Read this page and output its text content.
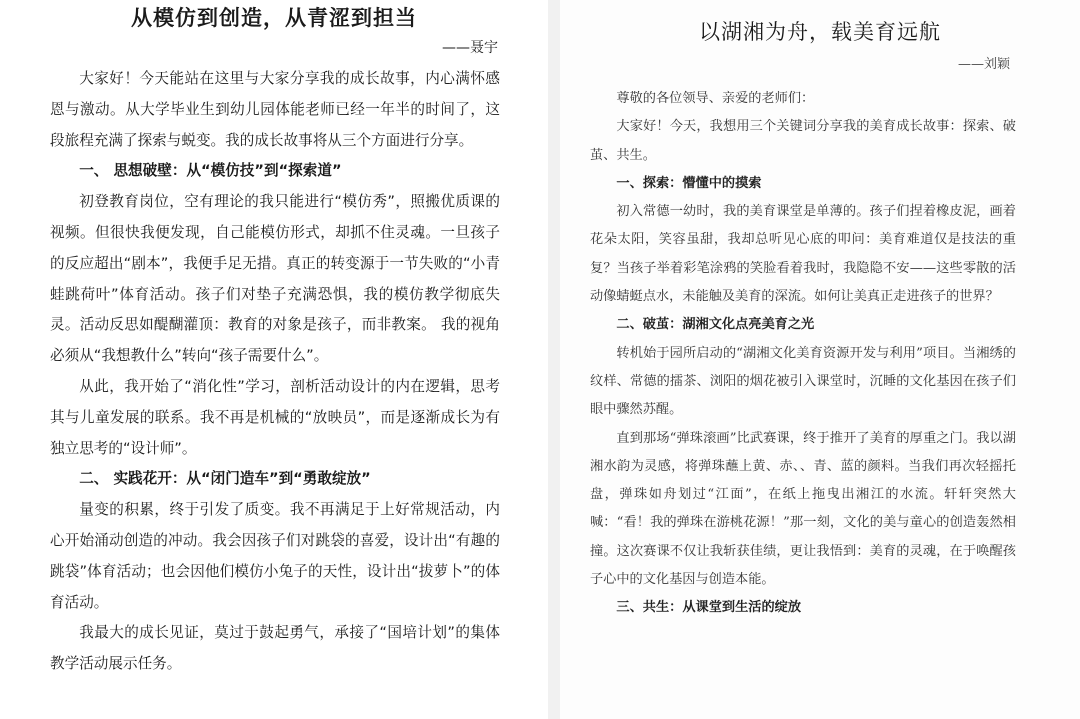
从模仿到创造，从青涩到担当
——聂宇

大家好！今天能站在这里与大家分享我的成长故事，内心满怀感恩与激动。从大学毕业生到幼儿园体能老师已经一年半的时间了，这段旅程充满了探索与蜕变。我的成长故事将从三个方面进行分享。

一、 思想破壁：从“模仿技”到“探索道”

初登教育岗位，空有理论的我只能进行“模仿秀”，照搬优质课的视频。但很快我便发现，自己能模仿形式，却抓不住灵魂。一旦孩子的反应超出“剧本”，我便手足无措。真正的转变源于一节失败的“小青蛙跳荷叶”体育活动。孩子们对垫子充满恐惧，我的模仿教学彻底失灵。活动反思如醍醐灌顶：教育的对象是孩子，而非教案。 我的视角必须从“我想教什么”转向“孩子需要什么”。

从此，我开始了“消化性”学习，剖析活动设计的内在逻辑，思考其与儿童发展的联系。我不再是机械的“放映员”，而是逐渐成长为有独立思考的“设计师”。

二、 实践花开：从“闭门造车”到“勇敢绽放”

量变的积累，终于引发了质变。我不再满足于上好常规活动，内心开始涌动创造的冲动。我会因孩子们对跳袋的喜爱，设计出“有趣的跳袋”体育活动；也会因他们模仿小兔子的天性，设计出“拔萝卜”的体育活动。

我最大的成长见证，莫过于鼓起勇气，承接了“国培计划”的集体教学活动展示任务。

以湖湘为舟，载美育远航
——刘颖

尊敬的各位领导、亲爱的老师们：

大家好！今天，我想用三个关键词分享我的美育成长故事：探索、破茧、共生。

一、探索：懵懂中的摸索

初入常德一幼时，我的美育课堂是单薄的。孩子们捏着橡皮泥，画着花朵太阳，笑容虽甜，我却总听见心底的叩问：美育难道仅是技法的重复？当孩子举着彩笔涂鸦的笑脸看着我时，我隐隐不安——这些零散的活动像蜻蜓点水，未能触及美育的深流。如何让美真正走进孩子的世界？

二、破茧：湖湘文化点亮美育之光

转机始于园所启动的“湖湘文化美育资源开发与利用”项目。当湘绣的纹样、常德的擂茶、浏阳的烟花被引入课堂时，沉睡的文化基因在孩子们眼中骤然苏醒。

直到那场“弹珠滚画”比武赛课，终于推开了美育的厚重之门。我以湖湘水韵为灵感，将弹珠蘸上黄、赤、、青、蓝的颜料。当我们再次轻摇托盘，弹珠如舟划过“江面”，在纸上拖曳出湘江的水流。轩轩突然大喊：“看！我的弹珠在游桃花源！”那一刻，文化的美与童心的创造轰然相撞。这次赛课不仅让我斩获佳绩，更让我悟到：美育的灵魂，在于唤醒孩子心中的文化基因与创造本能。

三、共生：从课堂到生活的绽放
